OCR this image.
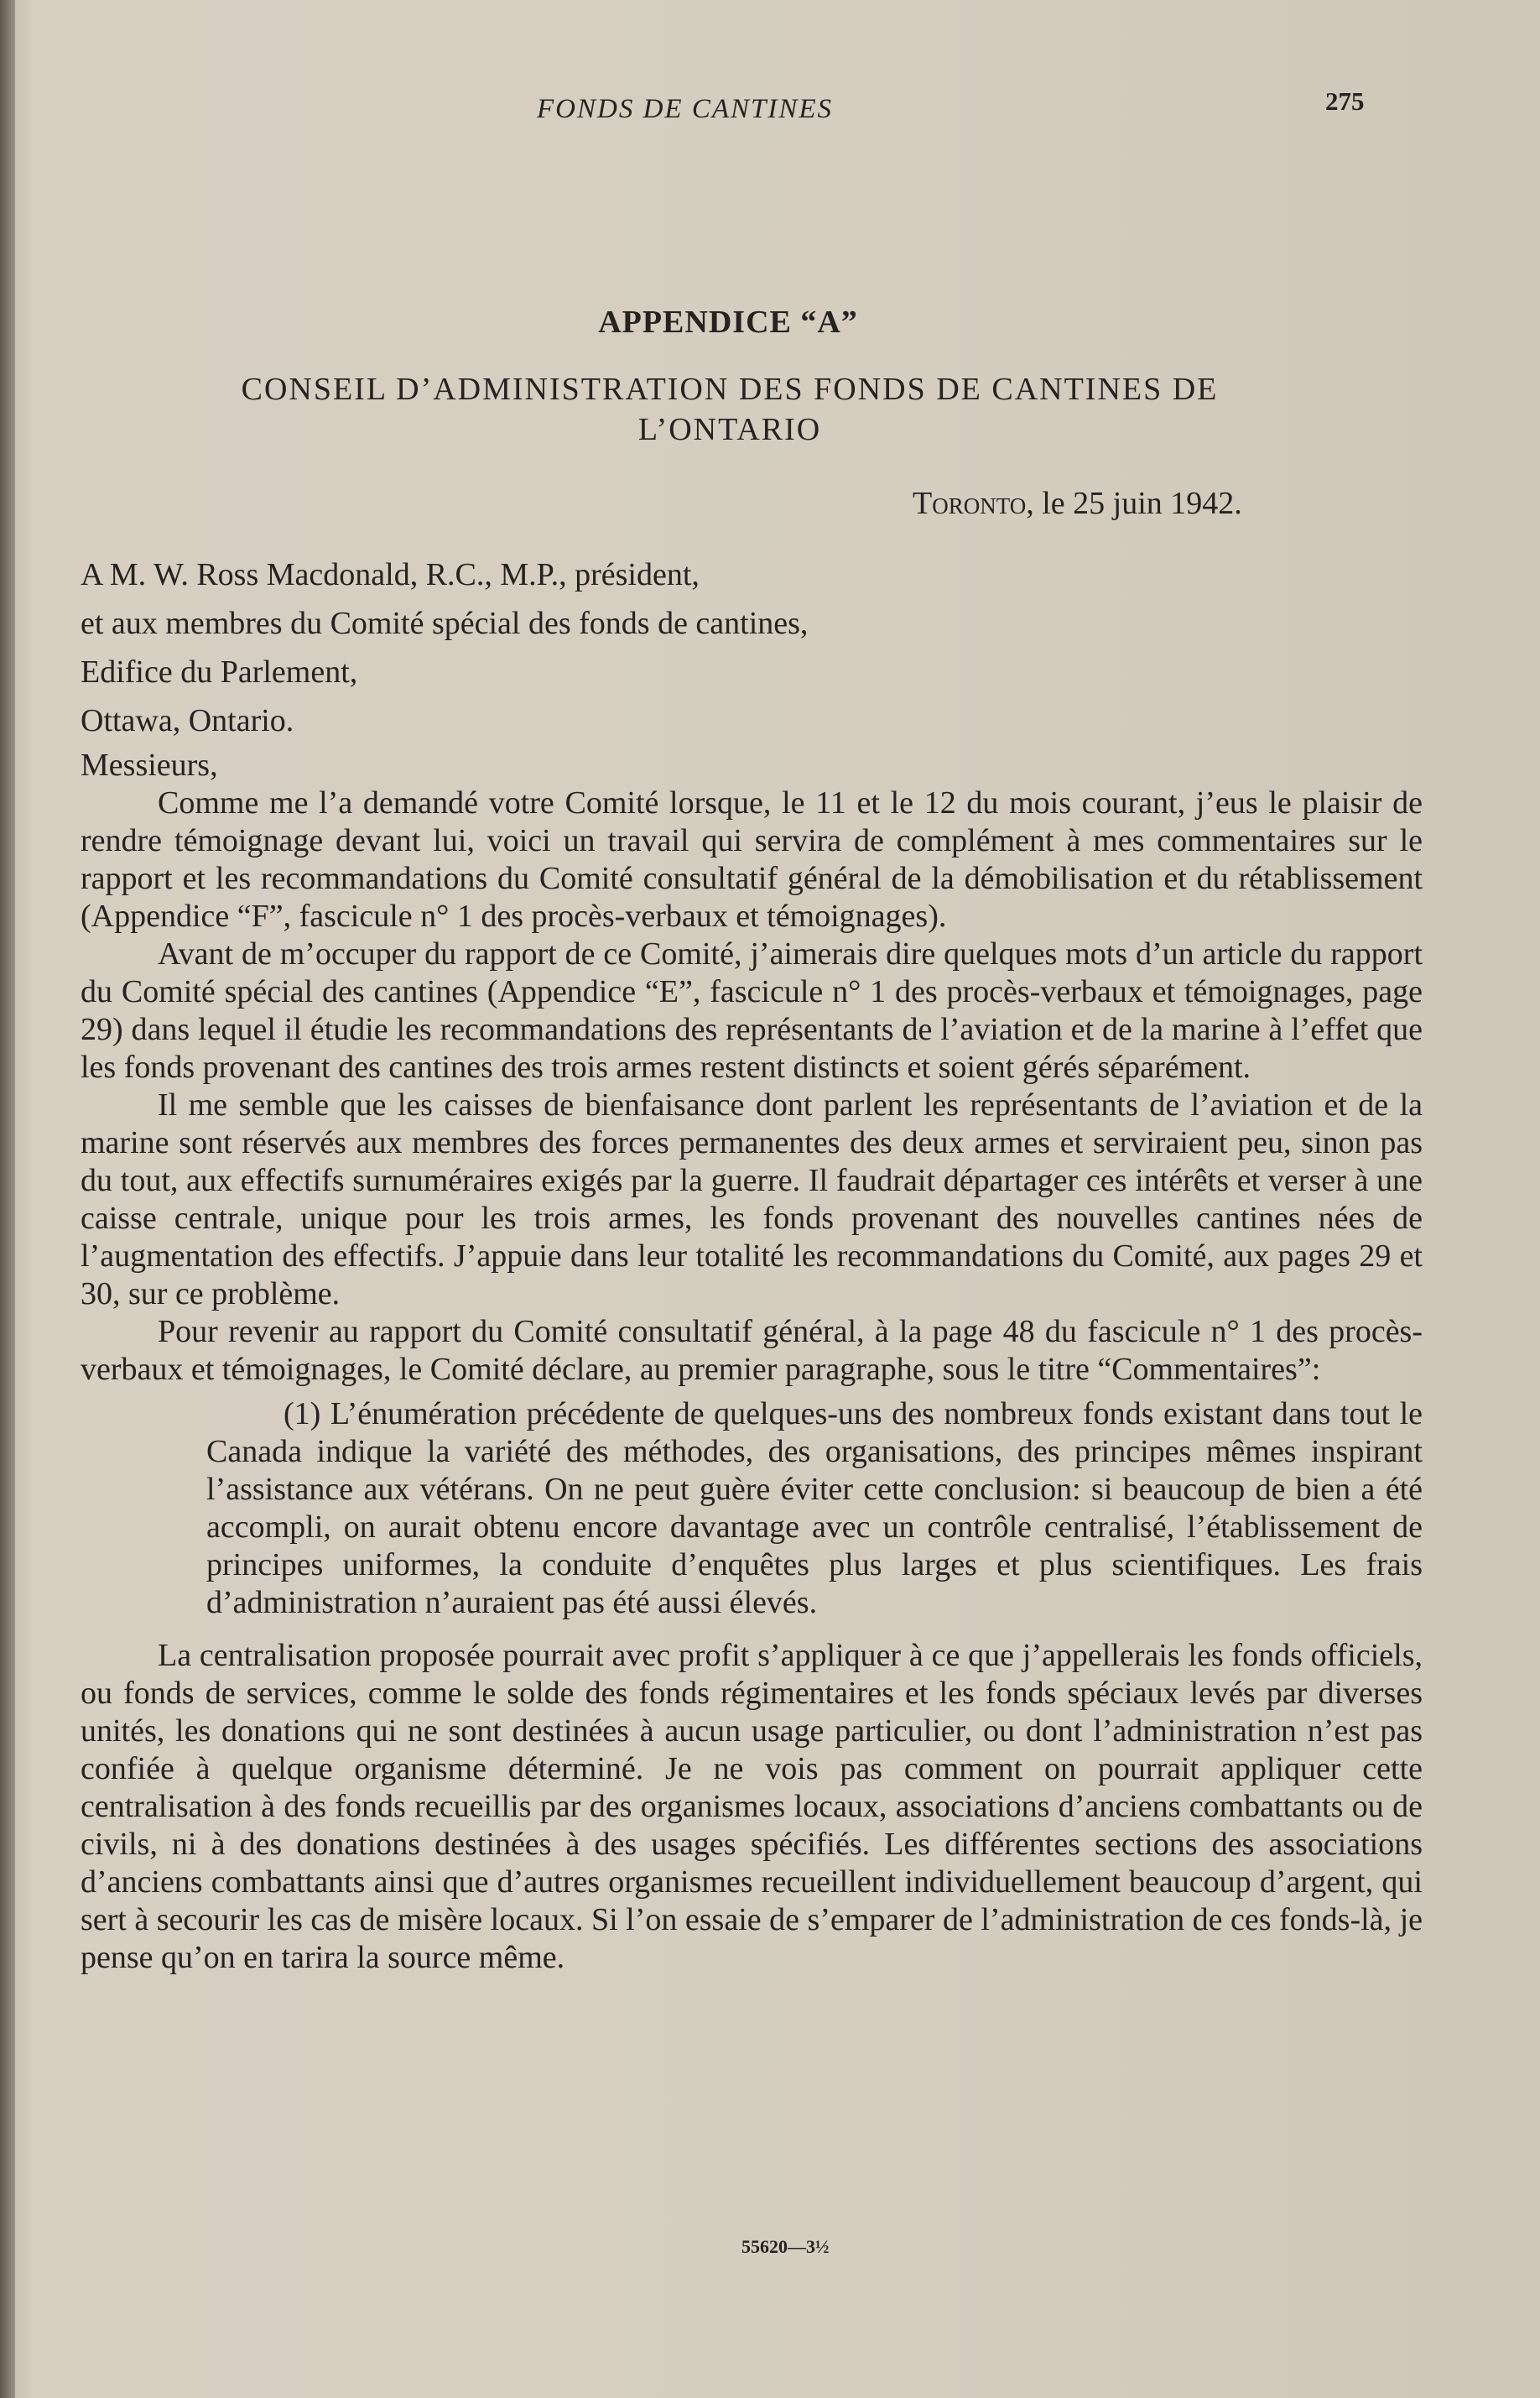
FONDS DE CANTINES	275
APPENDICE “A”
CONSEIL D’ADMINISTRATION DES FONDS DE CANTINES DE
L’ONTARIO
Toronto, le 25 juin 1942.
A M. W. Ross Macdonald, R.C., M.P., président,
et aux membres du Comité spécial des fonds de cantines,
Edifice du Parlement,
Ottawa, Ontario.

Messieurs,

Comme me l’a demandé votre Comité lorsque, le 11 et le 12 du mois courant, j’eus le plaisir de rendre témoignage devant lui, voici un travail qui servira de complément à mes commentaires sur le rapport et les recommandations du Comité consultatif général de la démobilisation et du rétablissement (Appendice “F”, fascicule n° 1 des procès-verbaux et témoignages).

Avant de m’occuper du rapport de ce Comité, j’aimerais dire quelques mots d’un article du rapport du Comité spécial des cantines (Appendice “E”, fascicule n° 1 des procès-verbaux et témoignages, page 29) dans lequel il étudie les recommandations des représentants de l’aviation et de la marine à l’effet que les fonds provenant des cantines des trois armes restent distincts et soient gérés séparément.

Il me semble que les caisses de bienfaisance dont parlent les représentants de l’aviation et de la marine sont réservés aux membres des forces permanentes des deux armes et serviraient peu, sinon pas du tout, aux effectifs surnuméraires exigés par la guerre. Il faudrait départager ces intérêts et verser à une caisse centrale, unique pour les trois armes, les fonds provenant des nouvelles cantines nées de l’augmentation des effectifs. J’appuie dans leur totalité les recommandations du Comité, aux pages 29 et 30, sur ce problème.

Pour revenir au rapport du Comité consultatif général, à la page 48 du fascicule n° 1 des procès-verbaux et témoignages, le Comité déclare, au premier paragraphe, sous le titre “Commentaires”:

(1) L’énumération précédente de quelques-uns des nombreux fonds existant dans tout le Canada indique la variété des méthodes, des organisations, des principes mêmes inspirant l’assistance aux vétérans. On ne peut guère éviter cette conclusion: si beaucoup de bien a été accompli, on aurait obtenu encore davantage avec un contrôle centralisé, l’établissement de principes uniformes, la conduite d’enquêtes plus larges et plus scientifiques. Les frais d’administration n’auraient pas été aussi élevés.

La centralisation proposée pourrait avec profit s’appliquer à ce que j’appellerais les fonds officiels, ou fonds de services, comme le solde des fonds régimentaires et les fonds spéciaux levés par diverses unités, les donations qui ne sont destinées à aucun usage particulier, ou dont l’administration n’est pas confiée à quelque organisme déterminé. Je ne vois pas comment on pourrait appliquer cette centralisation à des fonds recueillis par des organismes locaux, associations d’anciens combattants ou de civils, ni à des donations destinées à des usages spécifiés. Les différentes sections des associations d’anciens combattants ainsi que d’autres organismes recueillent individuellement beaucoup d’argent, qui sert à secourir les cas de misère locaux. Si l’on essaie de s’emparer de l’administration de ces fonds-là, je pense qu’on en tarira la source même.

55620—3½
